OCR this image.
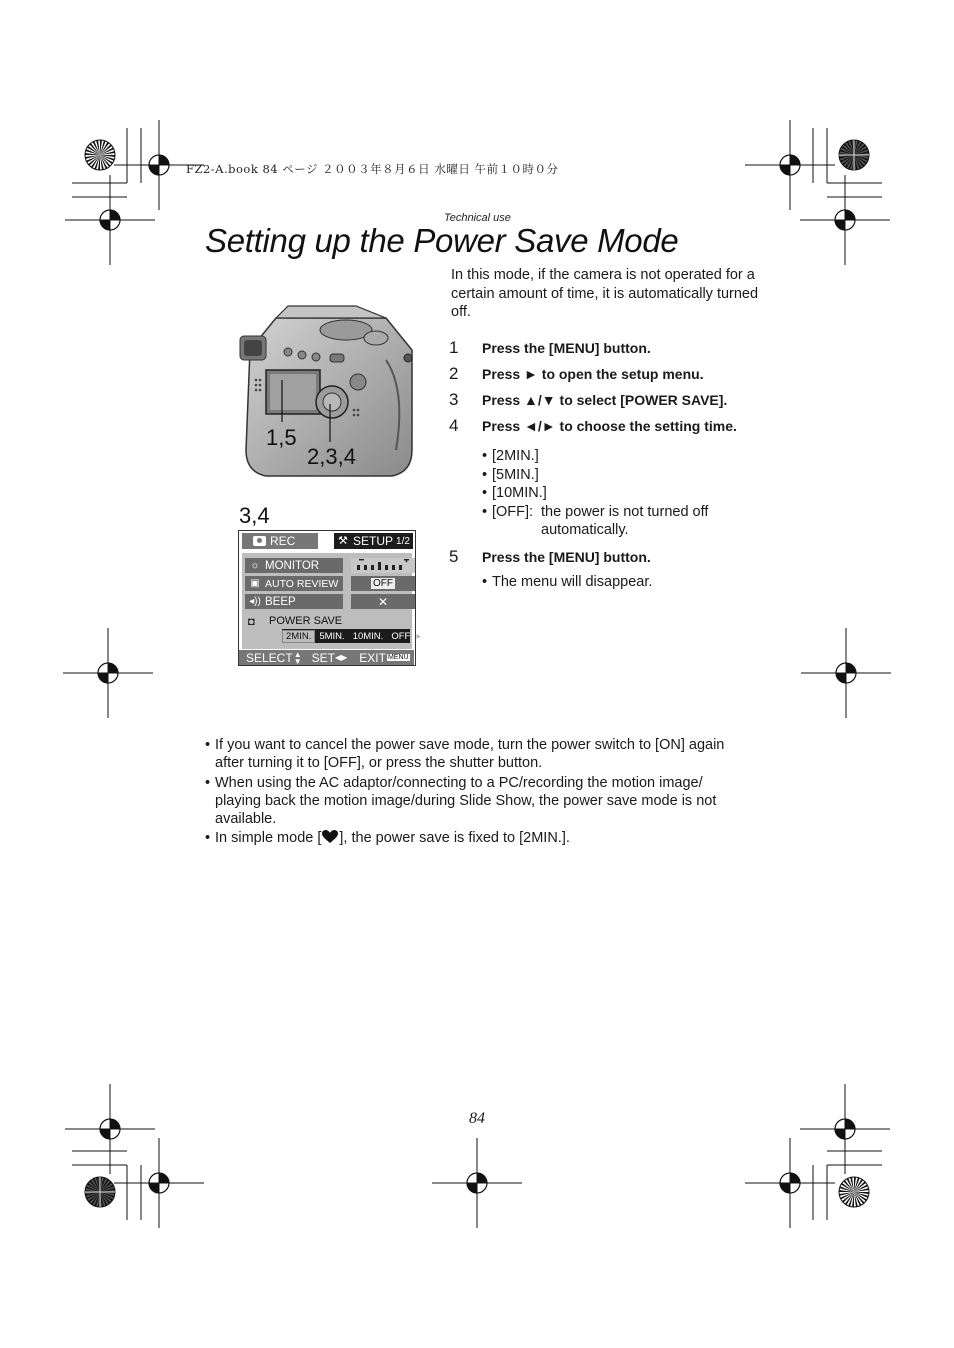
FZ2-A.book 84 ページ ２００３年８月６日 水曜日 午前１０時０分
Technical use
Setting up the Power Save Mode
1,5
2,3,4
3,4
REC	⚒ SETUP 1/2
☼ MONITOR
▣ AUTO REVIEW	OFF
◂)) BEEP	✕
◘ POWER SAVE
2MIN. 5MIN. 10MIN. OFF ▸
SELECT ▲
▼ SET ◀▶ EXIT MENU

In this mode, if the camera is not operated for a certain amount of time, it is automatically turned off.

1	Press the [MENU] button.
2	Press ► to open the setup menu.
3	Press ▲/▼ to select [POWER SAVE].
4	Press ◄/► to choose the setting time.
• [2MIN.]
• [5MIN.]
• [10MIN.]
• [OFF]: the power is not turned off automatically.
5	Press the [MENU] button.
• The menu will disappear.
• If you want to cancel the power save mode, turn the power switch to [ON] again after turning it to [OFF], or press the shutter button.
• When using the AC adaptor/connecting to a PC/recording the motion image/ playing back the motion image/during Slide Show, the power save mode is not available.
• In simple mode [ ], the power save is fixed to [2MIN.].
84
